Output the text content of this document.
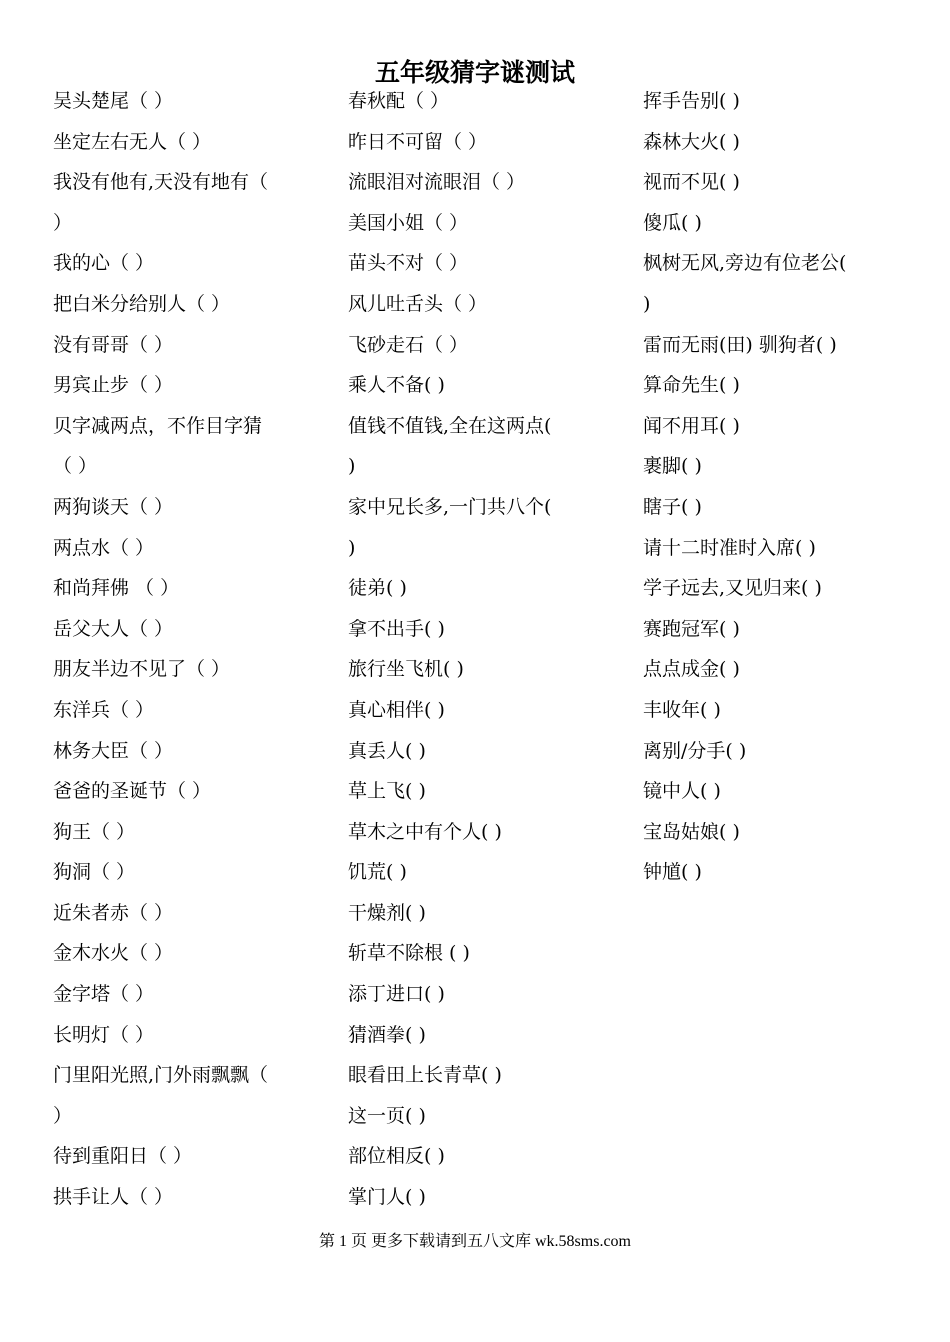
五年级猜字谜测试
吴头楚尾（ ）
坐定左右无人（ ）
我没有他有,天没有地有（
）
我的心（ ）
把白米分给别人（ ）
没有哥哥（ ）
男宾止步（ ）
贝字减两点，不作目字猜
（ ）
两狗谈天（ ）
两点水（ ）
和尚拜佛 （ ）
岳父大人（ ）
朋友半边不见了（ ）
东洋兵（ ）
林务大臣（ ）
爸爸的圣诞节（ ）
狗王（ ）
狗洞（ ）
近朱者赤（ ）
金木水火（ ）
金字塔（ ）
长明灯（ ）
门里阳光照,门外雨飘飘（
）
待到重阳日（ ）
拱手让人（ ）
春秋配（ ）
昨日不可留（ ）
流眼泪对流眼泪（ ）
美国小姐（ ）
苗头不对（ ）
风儿吐舌头（ ）
飞砂走石（ ）
乘人不备( )
值钱不值钱,全在这两点(
)
家中兄长多,一门共八个(
)
徒弟( )
拿不出手( )
旅行坐飞机( )
真心相伴( )
真丢人( )
草上飞( )
草木之中有个人( )
饥荒( )
干燥剂( )
斩草不除根 ( )
添丁进口( )
猜酒拳( )
眼看田上长青草( )
这一页( )
部位相反( )
掌门人( )
挥手告别( )
森林大火( )
视而不见( )
傻瓜( )
枫树无风,旁边有位老公(
)
雷而无雨(田) 驯狗者( )
算命先生( )
闻不用耳( )
裹脚( )
瞎子( )
请十二时准时入席( )
学子远去,又见归来( )
赛跑冠军( )
点点成金( )
丰收年( )
离别/分手( )
镜中人( )
宝岛姑娘( )
钟馗( )
第 1 页 更多下载请到五八文库 wk.58sms.com
